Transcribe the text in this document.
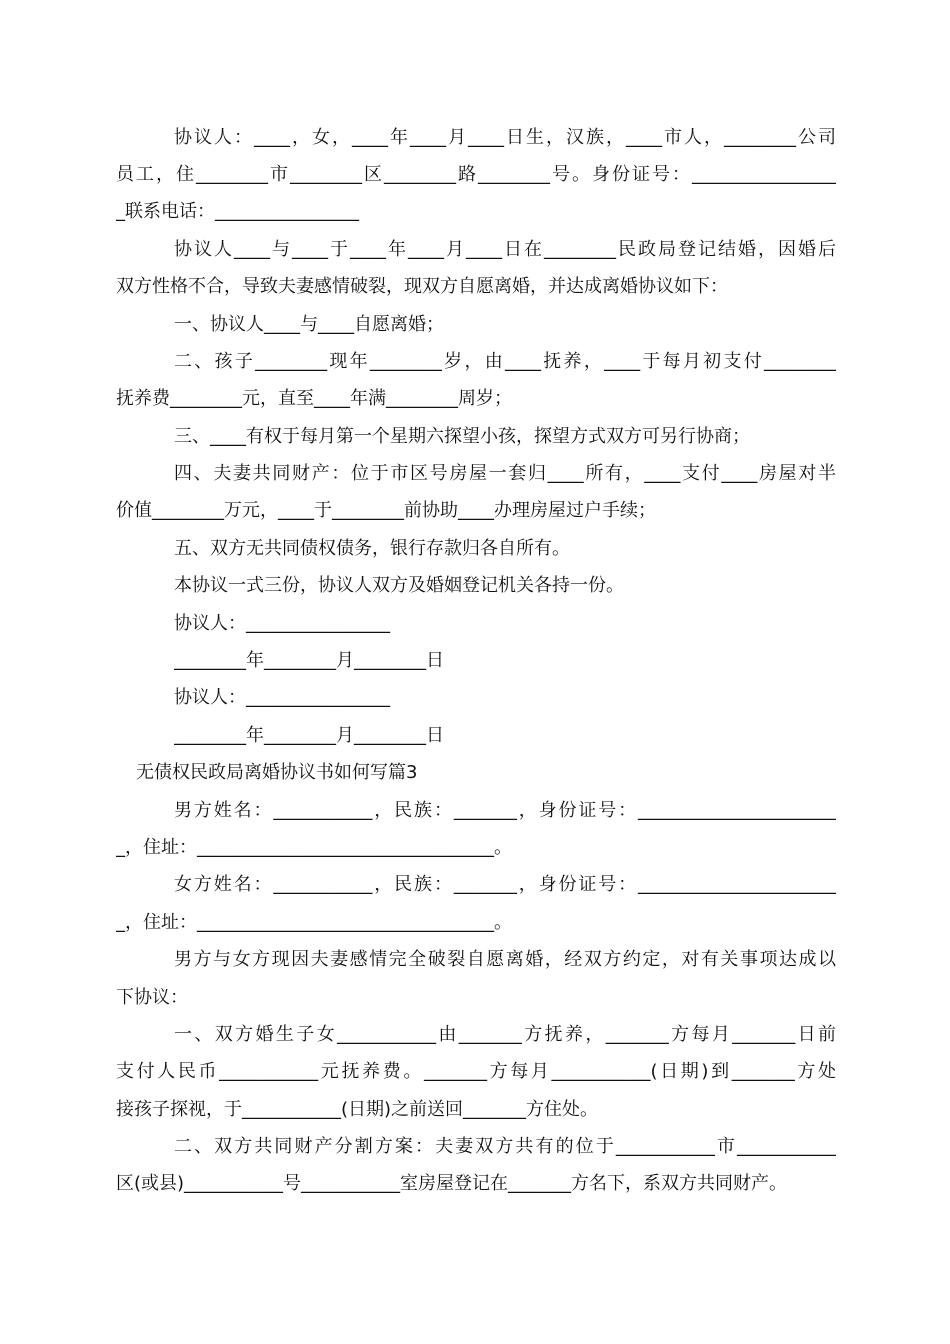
协议人：____，女，____年____月____日生，汉族，____市人，________公司
员工，住________市________区________路________号。身份证号：________________
_联系电话：________________
协议人____与____于____年____月____日在________民政局登记结婚，因婚后
双方性格不合，导致夫妻感情破裂，现双方自愿离婚，并达成离婚协议如下：
一、协议人____与____自愿离婚；
二、孩子________现年________岁，由____抚养，____于每月初支付________
抚养费________元，直至____年满________周岁；
三、____有权于每月第一个星期六探望小孩，探望方式双方可另行协商；
四、夫妻共同财产：位于市区号房屋一套归____所有，____支付____房屋对半
价值________万元，____于________前协助____办理房屋过户手续；
五、双方无共同债权债务，银行存款归各自所有。
本协议一式三份，协议人双方及婚姻登记机关各持一份。
协议人：________________
________年________月________日
协议人：________________
________年________月________日
无债权民政局离婚协议书如何写篇3
男方姓名：___________，民族：_______，身份证号：______________________
_，住址：_________________________________。
女方姓名：___________，民族：_______，身份证号：______________________
_，住址：_________________________________。
男方与女方现因夫妻感情完全破裂自愿离婚，经双方约定，对有关事项达成以
下协议：
一、双方婚生子女___________由_______方抚养，_______方每月_______日前
支付人民币___________元抚养费。_______方每月___________(日期)到_______方处
接孩子探视，于___________(日期)之前送回_______方住处。
二、双方共同财产分割方案：夫妻双方共有的位于___________市___________
区(或县)___________号___________室房屋登记在_______方名下，系双方共同财产。
